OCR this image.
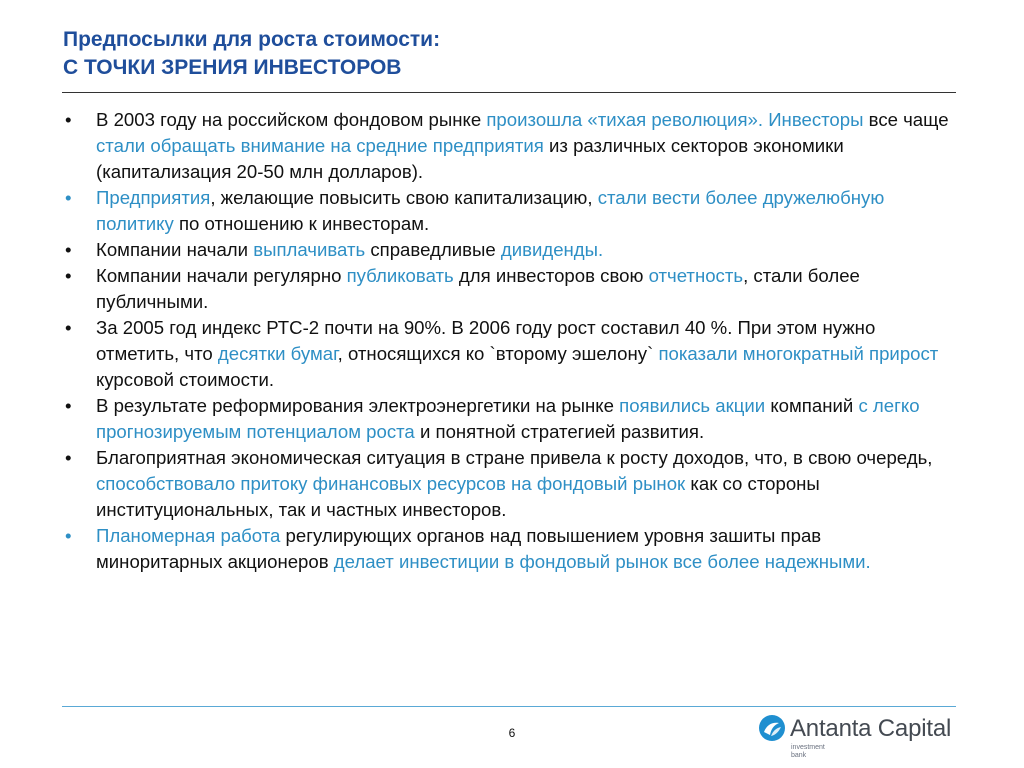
Предпосылки для роста стоимости:
С ТОЧКИ ЗРЕНИЯ ИНВЕСТОРОВ
•	В 2003 году на российском фондовом рынке произошла «тихая революция». Инвесторы все чаще стали обращать внимание на средние предприятия из различных секторов экономики (капитализация 20-50 млн долларов).
•	Предприятия, желающие повысить свою капитализацию, стали вести более дружелюбную политику по отношению к инвесторам.
•	Компании начали выплачивать справедливые дивиденды.
•	Компании начали регулярно публиковать для инвесторов свою отчетность, стали более публичными.
•	За 2005 год индекс РТС-2 почти на 90%. В 2006 году рост составил 40 %. При этом нужно отметить, что десятки бумаг, относящихся ко `второму эшелону` показали многократный прирост курсовой стоимости.
•	В результате реформирования электроэнергетики на рынке появились акции компаний с легко прогнозируемым потенциалом роста и понятной стратегией развития.
•	Благоприятная экономическая ситуация в стране привела к росту доходов, что, в свою очередь, способствовало притоку финансовых ресурсов на фондовый рынок как со стороны институциональных, так и частных инвесторов.
•	Планомерная работа регулирующих органов над повышением уровня зашиты прав миноритарных акционеров делает инвестиции в фондовый рынок все более надежными.
6	Antanta Capital
investment bank
